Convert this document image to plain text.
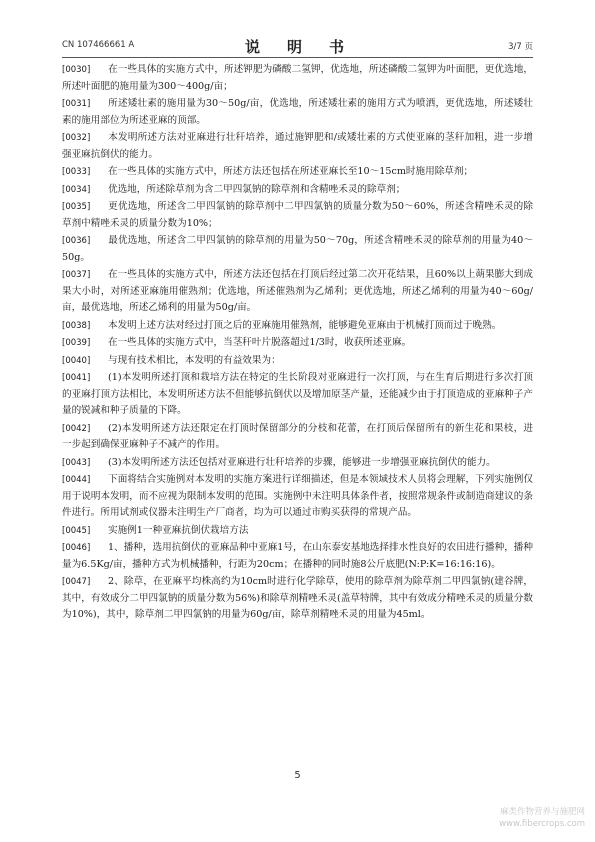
CN 107466661 A	说　明　书	3/7 页

[0030] 在一些具体的实施方式中，所述钾肥为磷酸二氢钾，优选地，所述磷酸二氢钾为叶面肥，更优选地，所述叶面肥的施用量为300～400g/亩；

[0031] 所述矮壮素的施用量为30～50g/亩，优选地，所述矮壮素的施用方式为喷洒，更优选地，所述矮壮素的施用部位为所述亚麻的顶部。

[0032] 本发明所述方法对亚麻进行壮秆培养，通过施钾肥和/或矮壮素的方式使亚麻的茎秆加粗，进一步增强亚麻抗倒伏的能力。

[0033] 在一些具体的实施方式中，所述方法还包括在所述亚麻长至10～15cm时施用除草剂；

[0034] 优选地，所述除草剂为含二甲四氯钠的除草剂和含精唑禾灵的除草剂；

[0035] 更优选地，所述含二甲四氯钠的除草剂中二甲四氯钠的质量分数为50～60%，所述含精唑禾灵的除草剂中精唑禾灵的质量分数为10%；

[0036] 最优选地，所述含二甲四氯钠的除草剂的用量为50～70g，所述含精唑禾灵的除草剂的用量为40～50g。

[0037] 在一些具体的实施方式中，所述方法还包括在打顶后经过第二次开花结果，且60%以上蒴果膨大到成果大小时，对所述亚麻施用催熟剂；优选地，所述催熟剂为乙烯利；更优选地，所述乙烯利的用量为40～60g/亩，最优选地，所述乙烯利的用量为50g/亩。

[0038] 本发明上述方法对经过打顶之后的亚麻施用催熟剂，能够避免亚麻由于机械打顶而过于晚熟。

[0039] 在一些具体的实施方式中，当茎秆叶片脱落超过1/3时，收获所述亚麻。

[0040] 与现有技术相比，本发明的有益效果为：

[0041] (1)本发明所述打顶和栽培方法在特定的生长阶段对亚麻进行一次打顶，与在生育后期进行多次打顶的亚麻打顶方法相比，本发明所述方法不但能够抗倒伏以及增加原茎产量，还能减少由于打顶造成的亚麻种子产量的锐减和种子质量的下降。

[0042] (2)本发明所述方法还限定在打顶时保留部分的分枝和花蕾，在打顶后保留所有的新生花和果枝，进一步起到确保亚麻种子不减产的作用。

[0043] (3)本发明所述方法还包括对亚麻进行壮秆培养的步骤，能够进一步增强亚麻抗倒伏的能力。

[0044] 下面将结合实施例对本发明的实施方案进行详细描述，但是本领域技术人员将会理解，下列实施例仅用于说明本发明，而不应视为限制本发明的范围。实施例中未注明具体条件者，按照常规条件或制造商建议的条件进行。所用试剂或仪器未注明生产厂商者，均为可以通过市购买获得的常规产品。

[0045] 实施例1一种亚麻抗倒伏栽培方法

[0046] 1、播种，选用抗倒伏的亚麻品种中亚麻1号，在山东泰安基地选择排水性良好的农田进行播种，播种量为6.5Kg/亩，播种方式为机械播种，行距为20cm；在播种的同时施8公斤底肥(N:P:K=16:16:16)。

[0047] 2、除草，在亚麻平均株高约为10cm时进行化学除草，使用的除草剂为除草剂二甲四氯钠(建谷牌，其中，有效成分二甲四氯钠的质量分数为56%)和除草剂精唑禾灵(盖草特牌，其中有效成分精唑禾灵的质量分数为10%)，其中，除草剂二甲四氯钠的用量为60g/亩，除草剂精唑禾灵的用量为45ml。

5
麻类作物营养与施肥网
www.fibercrops.com
